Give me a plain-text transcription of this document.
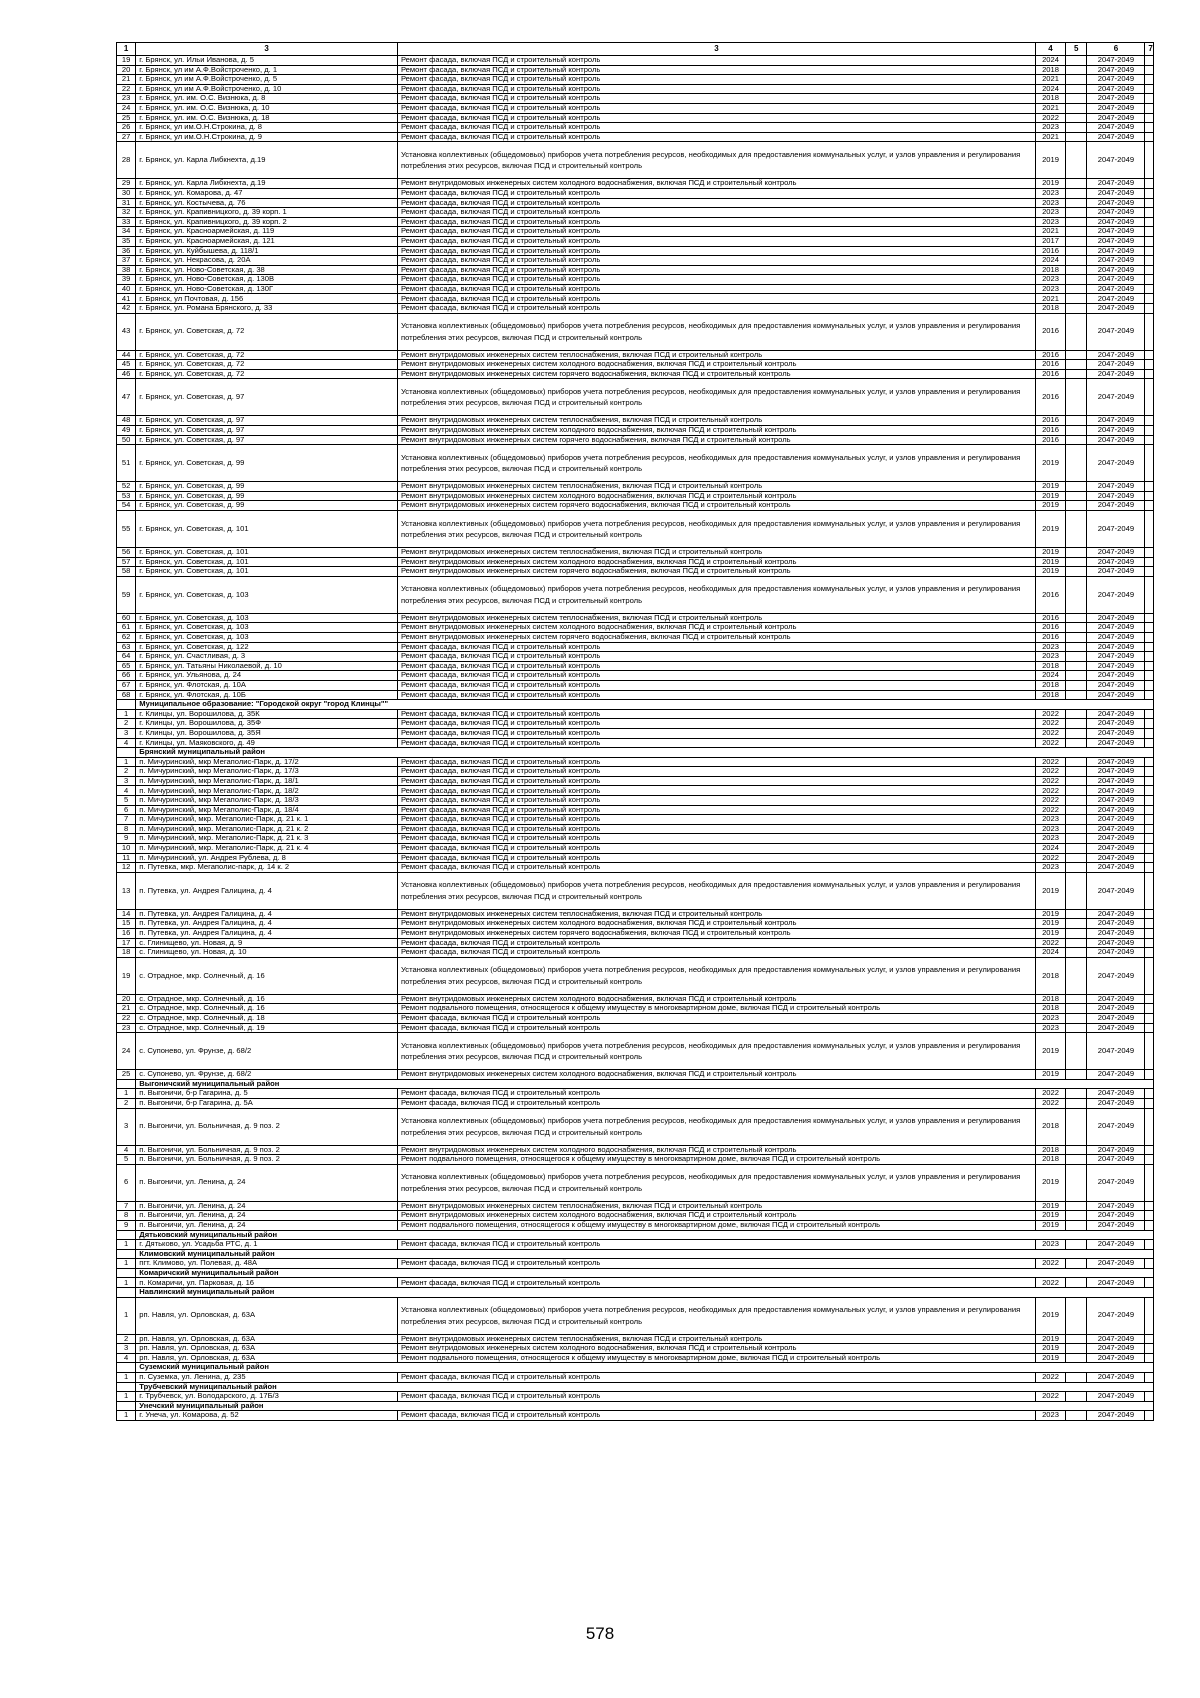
1	3	3	4	5	6	7
19	г. Брянск, ул. Ильи Иванова, д. 5	Ремонт фасада, включая ПСД и строительный контроль	2024		2047-2049	
20	г. Брянск, ул им А.Ф.Войстроченко, д. 1	Ремонт фасада, включая ПСД и строительный контроль	2018		2047-2049	
21	г. Брянск, ул им А.Ф.Войстроченко, д. 5	Ремонт фасада, включая ПСД и строительный контроль	2021		2047-2049	
22	г. Брянск, ул им А.Ф.Войстроченко, д. 10	Ремонт фасада, включая ПСД и строительный контроль	2024		2047-2049	
23	г. Брянск, ул. им. О.С. Визнюка, д. 8	Ремонт фасада, включая ПСД и строительный контроль	2018		2047-2049	
24	г. Брянск, ул. им. О.С. Визнюка, д. 10	Ремонт фасада, включая ПСД и строительный контроль	2021		2047-2049	
25	г. Брянск, ул. им. О.С. Визнюка, д. 18	Ремонт фасада, включая ПСД и строительный контроль	2022		2047-2049	
26	г. Брянск, ул им.О.Н.Строкина, д. 8	Ремонт фасада, включая ПСД и строительный контроль	2023		2047-2049	
27	г. Брянск, ул им.О.Н.Строкина, д. 9	Ремонт фасада, включая ПСД и строительный контроль	2021		2047-2049	
28	г. Брянск, ул. Карла Либкнехта, д.19	Установка коллективных (общедомовых) приборов учета потребления ресурсов, необходимых для предоставления коммунальных услуг, и узлов управления и регулирования потребления этих ресурсов, включая ПСД и строительный контроль	2019		2047-2049	
29	г. Брянск, ул. Карла Либкнехта, д.19	Ремонт внутридомовых инженерных систем холодного водоснабжения, включая ПСД и строительный контроль	2019		2047-2049	
30	г. Брянск, ул. Комарова, д. 47	Ремонт фасада, включая ПСД и строительный контроль	2023		2047-2049	
31	г. Брянск, ул. Костычева, д. 76	Ремонт фасада, включая ПСД и строительный контроль	2023		2047-2049	
32	г. Брянск, ул. Крапивницкого, д. 39 корп. 1	Ремонт фасада, включая ПСД и строительный контроль	2023		2047-2049	
33	г. Брянск, ул. Крапивницкого, д. 39 корп. 2	Ремонт фасада, включая ПСД и строительный контроль	2023		2047-2049	
34	г. Брянск, ул. Красноармейская, д. 119	Ремонт фасада, включая ПСД и строительный контроль	2021		2047-2049	
35	г. Брянск, ул. Красноармейская, д. 121	Ремонт фасада, включая ПСД и строительный контроль	2017		2047-2049	
36	г. Брянск, ул. Куйбышева, д. 118/1	Ремонт фасада, включая ПСД и строительный контроль	2016		2047-2049	
37	г. Брянск, ул. Некрасова, д. 20А	Ремонт фасада, включая ПСД и строительный контроль	2024		2047-2049	
38	г. Брянск, ул. Ново-Советская, д. 38	Ремонт фасада, включая ПСД и строительный контроль	2018		2047-2049	
39	г. Брянск, ул. Ново-Советская, д. 130В	Ремонт фасада, включая ПСД и строительный контроль	2023		2047-2049	
40	г. Брянск, ул. Ново-Советская, д. 130Г	Ремонт фасада, включая ПСД и строительный контроль	2023		2047-2049	
41	г. Брянск, ул Почтовая, д. 156	Ремонт фасада, включая ПСД и строительный контроль	2021		2047-2049	
42	г. Брянск, ул. Романа Брянского, д. 33	Ремонт фасада, включая ПСД и строительный контроль	2018		2047-2049	
43	г. Брянск, ул. Советская, д. 72	Установка коллективных (общедомовых) приборов учета потребления ресурсов, необходимых для предоставления коммунальных услуг, и узлов управления и регулирования потребления этих ресурсов, включая ПСД и строительный контроль	2016		2047-2049	
44	г. Брянск, ул. Советская, д. 72	Ремонт внутридомовых инженерных систем теплоснабжения, включая ПСД и строительный контроль	2016		2047-2049	
45	г. Брянск, ул. Советская, д. 72	Ремонт внутридомовых инженерных систем холодного водоснабжения, включая ПСД и строительный контроль	2016		2047-2049	
46	г. Брянск, ул. Советская, д. 72	Ремонт внутридомовых инженерных систем горячего водоснабжения, включая ПСД и строительный контроль	2016		2047-2049	
47	г. Брянск, ул. Советская, д. 97	Установка коллективных (общедомовых) приборов учета потребления ресурсов, необходимых для предоставления коммунальных услуг, и узлов управления и регулирования потребления этих ресурсов, включая ПСД и строительный контроль	2016		2047-2049	
48	г. Брянск, ул. Советская, д. 97	Ремонт внутридомовых инженерных систем теплоснабжения, включая ПСД и строительный контроль	2016		2047-2049	
49	г. Брянск, ул. Советская, д. 97	Ремонт внутридомовых инженерных систем холодного водоснабжения, включая ПСД и строительный контроль	2016		2047-2049	
50	г. Брянск, ул. Советская, д. 97	Ремонт внутридомовых инженерных систем горячего водоснабжения, включая ПСД и строительный контроль	2016		2047-2049	
51	г. Брянск, ул. Советская, д. 99	Установка коллективных (общедомовых) приборов учета потребления ресурсов, необходимых для предоставления коммунальных услуг, и узлов управления и регулирования потребления этих ресурсов, включая ПСД и строительный контроль	2019		2047-2049	
52	г. Брянск, ул. Советская, д. 99	Ремонт внутридомовых инженерных систем теплоснабжения, включая ПСД и строительный контроль	2019		2047-2049	
53	г. Брянск, ул. Советская, д. 99	Ремонт внутридомовых инженерных систем холодного водоснабжения, включая ПСД и строительный контроль	2019		2047-2049	
54	г. Брянск, ул. Советская, д. 99	Ремонт внутридомовых инженерных систем горячего водоснабжения, включая ПСД и строительный контроль	2019		2047-2049	
55	г. Брянск, ул. Советская, д. 101	Установка коллективных (общедомовых) приборов учета потребления ресурсов, необходимых для предоставления коммунальных услуг, и узлов управления и регулирования потребления этих ресурсов, включая ПСД и строительный контроль	2019		2047-2049	
56	г. Брянск, ул. Советская, д. 101	Ремонт внутридомовых инженерных систем теплоснабжения, включая ПСД и строительный контроль	2019		2047-2049	
57	г. Брянск, ул. Советская, д. 101	Ремонт внутридомовых инженерных систем холодного водоснабжения, включая ПСД и строительный контроль	2019		2047-2049	
58	г. Брянск, ул. Советская, д. 101	Ремонт внутридомовых инженерных систем горячего водоснабжения, включая ПСД и строительный контроль	2019		2047-2049	
59	г. Брянск, ул. Советская, д. 103	Установка коллективных (общедомовых) приборов учета потребления ресурсов, необходимых для предоставления коммунальных услуг, и узлов управления и регулирования потребления этих ресурсов, включая ПСД и строительный контроль	2016		2047-2049	
60	г. Брянск, ул. Советская, д. 103	Ремонт внутридомовых инженерных систем теплоснабжения, включая ПСД и строительный контроль	2016		2047-2049	
61	г. Брянск, ул. Советская, д. 103	Ремонт внутридомовых инженерных систем холодного водоснабжения, включая ПСД и строительный контроль	2016		2047-2049	
62	г. Брянск, ул. Советская, д. 103	Ремонт внутридомовых инженерных систем горячего водоснабжения, включая ПСД и строительный контроль	2016		2047-2049	
63	г. Брянск, ул. Советская, д. 122	Ремонт фасада, включая ПСД и строительный контроль	2023		2047-2049	
64	г. Брянск, ул. Счастливая, д. 3	Ремонт фасада, включая ПСД и строительный контроль	2023		2047-2049	
65	г. Брянск, ул. Татьяны Николаевой, д. 10	Ремонт фасада, включая ПСД и строительный контроль	2018		2047-2049	
66	г. Брянск, ул. Ульянова, д. 24	Ремонт фасада, включая ПСД и строительный контроль	2024		2047-2049	
67	г. Брянск, ул. Флотская, д. 10А	Ремонт фасада, включая ПСД и строительный контроль	2018		2047-2049	
68	г. Брянск, ул. Флотская, д. 10Б	Ремонт фасада, включая ПСД и строительный контроль	2018		2047-2049	
	Муниципальное образование: "Городской округ "город Клинцы""					
1	г. Клинцы, ул. Ворошилова, д. 35К	Ремонт фасада, включая ПСД и строительный контроль	2022		2047-2049	
2	г. Клинцы, ул. Ворошилова, д. 35Ф	Ремонт фасада, включая ПСД и строительный контроль	2022		2047-2049	
3	г. Клинцы, ул. Ворошилова, д. 35Я	Ремонт фасада, включая ПСД и строительный контроль	2022		2047-2049	
4	г. Клинцы, ул. Маяковского, д. 49	Ремонт фасада, включая ПСД и строительный контроль	2022		2047-2049	
	Брянский муниципальный район					
1	п. Мичуринский, мкр Мегаполис-Парк, д. 17/2	Ремонт фасада, включая ПСД и строительный контроль	2022		2047-2049	
2	п. Мичуринский, мкр Мегаполис-Парк, д. 17/3	Ремонт фасада, включая ПСД и строительный контроль	2022		2047-2049	
3	п. Мичуринский, мкр Мегаполис-Парк, д. 18/1	Ремонт фасада, включая ПСД и строительный контроль	2022		2047-2049	
4	п. Мичуринский, мкр Мегаполис-Парк, д. 18/2	Ремонт фасада, включая ПСД и строительный контроль	2022		2047-2049	
5	п. Мичуринский, мкр Мегаполис-Парк, д. 18/3	Ремонт фасада, включая ПСД и строительный контроль	2022		2047-2049	
6	п. Мичуринский, мкр Мегаполис-Парк, д. 18/4	Ремонт фасада, включая ПСД и строительный контроль	2022		2047-2049	
7	п. Мичуринский, мкр. Мегаполис-Парк, д. 21 к. 1	Ремонт фасада, включая ПСД и строительный контроль	2023		2047-2049	
8	п. Мичуринский, мкр. Мегаполис-Парк, д. 21 к. 2	Ремонт фасада, включая ПСД и строительный контроль	2023		2047-2049	
9	п. Мичуринский, мкр. Мегаполис-Парк, д. 21 к. 3	Ремонт фасада, включая ПСД и строительный контроль	2023		2047-2049	
10	п. Мичуринский, мкр. Мегаполис-Парк, д. 21 к. 4	Ремонт фасада, включая ПСД и строительный контроль	2024		2047-2049	
11	п. Мичуринский, ул. Андрея Рублева, д. 8	Ремонт фасада, включая ПСД и строительный контроль	2022		2047-2049	
12	п. Путевка, мкр. Мегаполис-парк, д. 14 к. 2	Ремонт фасада, включая ПСД и строительный контроль	2023		2047-2049	
13	п. Путевка, ул. Андрея Галицина, д. 4	Установка коллективных (общедомовых) приборов учета потребления ресурсов, необходимых для предоставления коммунальных услуг, и узлов управления и регулирования потребления этих ресурсов, включая ПСД и строительный контроль	2019		2047-2049	
14	п. Путевка, ул. Андрея Галицина, д. 4	Ремонт внутридомовых инженерных систем теплоснабжения, включая ПСД и строительный контроль	2019		2047-2049	
15	п. Путевка, ул. Андрея Галицина, д. 4	Ремонт внутридомовых инженерных систем холодного водоснабжения, включая ПСД и строительный контроль	2019		2047-2049	
16	п. Путевка, ул. Андрея Галицина, д. 4	Ремонт внутридомовых инженерных систем горячего водоснабжения, включая ПСД и строительный контроль	2019		2047-2049	
17	с. Глинищево, ул. Новая, д. 9	Ремонт фасада, включая ПСД и строительный контроль	2022		2047-2049	
18	с. Глинищево, ул. Новая, д. 10	Ремонт фасада, включая ПСД и строительный контроль	2024		2047-2049	
19	с. Отрадное, мкр. Солнечный, д. 16	Установка коллективных (общедомовых) приборов учета потребления ресурсов, необходимых для предоставления коммунальных услуг, и узлов управления и регулирования потребления этих ресурсов, включая ПСД и строительный контроль	2018		2047-2049	
20	с. Отрадное, мкр. Солнечный, д. 16	Ремонт внутридомовых инженерных систем холодного водоснабжения, включая ПСД и строительный контроль	2018		2047-2049	
21	с. Отрадное, мкр. Солнечный, д. 16	Ремонт подвального помещения, относящегося к общему имуществу в многоквартирном доме, включая ПСД и строительный контроль	2018		2047-2049	
22	с. Отрадное, мкр. Солнечный, д. 18	Ремонт фасада, включая ПСД и строительный контроль	2023		2047-2049	
23	с. Отрадное, мкр. Солнечный, д. 19	Ремонт фасада, включая ПСД и строительный контроль	2023		2047-2049	
24	с. Супонево, ул. Фрунзе, д. 68/2	Установка коллективных (общедомовых) приборов учета потребления ресурсов, необходимых для предоставления коммунальных услуг, и узлов управления и регулирования потребления этих ресурсов, включая ПСД и строительный контроль	2019		2047-2049	
25	с. Супонево, ул. Фрунзе, д. 68/2	Ремонт внутридомовых инженерных систем холодного водоснабжения, включая ПСД и строительный контроль	2019		2047-2049	
	Выгоничский муниципальный район					
1	п. Выгоничи, б-р Гагарина, д. 5	Ремонт фасада, включая ПСД и строительный контроль	2022		2047-2049	
2	п. Выгоничи, б-р Гагарина, д. 5А	Ремонт фасада, включая ПСД и строительный контроль	2022		2047-2049	
3	п. Выгоничи, ул. Больничная, д. 9 поз. 2	Установка коллективных (общедомовых) приборов учета потребления ресурсов, необходимых для предоставления коммунальных услуг, и узлов управления и регулирования потребления этих ресурсов, включая ПСД и строительный контроль	2018		2047-2049	
4	п. Выгоничи, ул. Больничная, д. 9 поз. 2	Ремонт внутридомовых инженерных систем холодного водоснабжения, включая ПСД и строительный контроль	2018		2047-2049	
5	п. Выгоничи, ул. Больничная, д. 9 поз. 2	Ремонт подвального помещения, относящегося к общему имуществу в многоквартирном доме, включая ПСД и строительный контроль	2018		2047-2049	
6	п. Выгоничи, ул. Ленина, д. 24	Установка коллективных (общедомовых) приборов учета потребления ресурсов, необходимых для предоставления коммунальных услуг, и узлов управления и регулирования потребления этих ресурсов, включая ПСД и строительный контроль	2019		2047-2049	
7	п. Выгоничи, ул. Ленина, д. 24	Ремонт внутридомовых инженерных систем теплоснабжения, включая ПСД и строительный контроль	2019		2047-2049	
8	п. Выгоничи, ул. Ленина, д. 24	Ремонт внутридомовых инженерных систем холодного водоснабжения, включая ПСД и строительный контроль	2019		2047-2049	
9	п. Выгоничи, ул. Ленина, д. 24	Ремонт подвального помещения, относящегося к общему имуществу в многоквартирном доме, включая ПСД и строительный контроль	2019		2047-2049	
	Дятьковский муниципальный район					
1	г. Дятьково, ул. Усадьба РТС, д. 1	Ремонт фасада, включая ПСД и строительный контроль	2023		2047-2049	
	Климовский муниципальный район					
1	пгт. Климово, ул. Полевая, д. 48А	Ремонт фасада, включая ПСД и строительный контроль	2022		2047-2049	
	Комаричский муниципальный район					
1	п. Комаричи, ул. Парковая, д. 16	Ремонт фасада, включая ПСД и строительный контроль	2022		2047-2049	
	Навлинский муниципальный район					
1	рп. Навля, ул. Орловская, д. 63А	Установка коллективных (общедомовых) приборов учета потребления ресурсов, необходимых для предоставления коммунальных услуг, и узлов управления и регулирования потребления этих ресурсов, включая ПСД и строительный контроль	2019		2047-2049	
2	рп. Навля, ул. Орловская, д. 63А	Ремонт внутридомовых инженерных систем теплоснабжения, включая ПСД и строительный контроль	2019		2047-2049	
3	рп. Навля, ул. Орловская, д. 63А	Ремонт внутридомовых инженерных систем холодного водоснабжения, включая ПСД и строительный контроль	2019		2047-2049	
4	рп. Навля, ул. Орловская, д. 63А	Ремонт подвального помещения, относящегося к общему имуществу в многоквартирном доме, включая ПСД и строительный контроль	2019		2047-2049	
	Суземский муниципальный район					
1	п. Суземка, ул. Ленина, д. 235	Ремонт фасада, включая ПСД и строительный контроль	2022		2047-2049	
	Трубчевский муниципальный район					
1	г. Трубчевск, ул. Володарского, д. 17Б/3	Ремонт фасада, включая ПСД и строительный контроль	2022		2047-2049	
	Унечский муниципальный район					
1	г. Унеча, ул. Комарова, д. 52	Ремонт фасада, включая ПСД и строительный контроль	2023		2047-2049	
578
